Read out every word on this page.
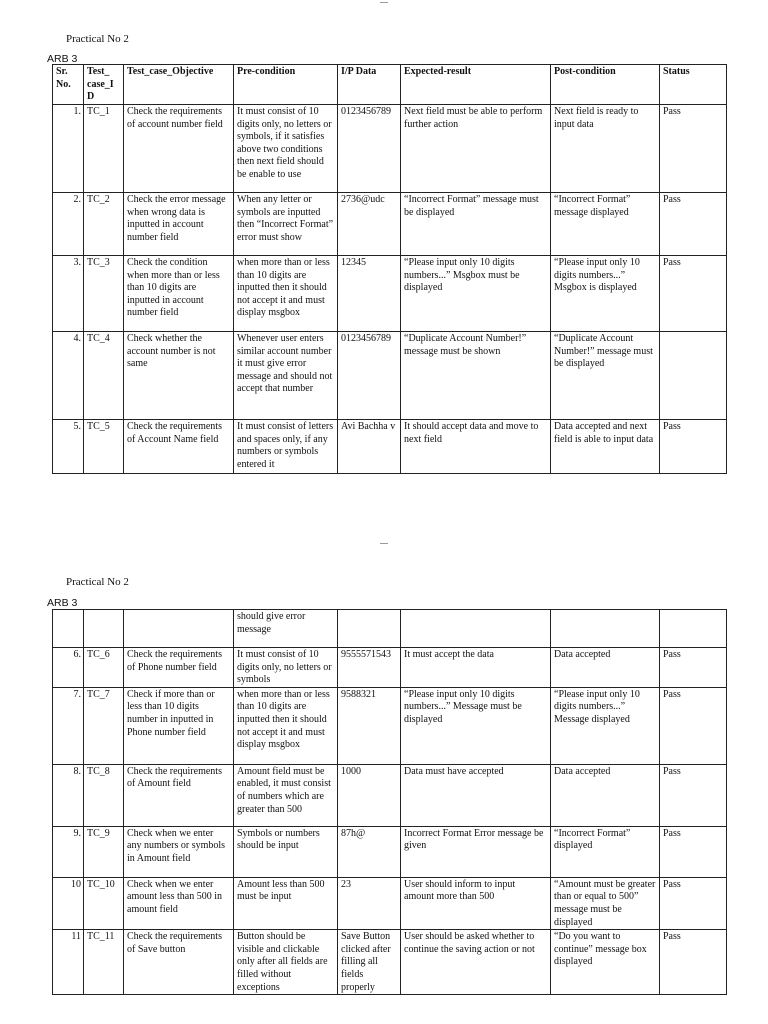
Practical No 2
ARB 3
Sr. No.	Test_ case_I D	Test_case_Objective	Pre-condition	I/P Data	Expected-result	Post-condition	Status
1.	TC_1	Check the requirements of account number field	It must consist of 10 digits only, no letters or symbols, if it satisfies above two conditions then next field should be enable to use	0123456789	Next field must be able to perform further action	Next field is ready to input data	Pass
2.	TC_2	Check the error message when wrong data is inputted in account number field	When any letter or symbols are inputted then “Incorrect Format” error must show	2736@udc	“Incorrect Format” message must be displayed	“Incorrect Format” message displayed	Pass
3.	TC_3	Check the condition when more than or less than 10 digits are inputted in account number field	when more than or less than 10 digits are inputted then it should not accept it and must display msgbox	12345	“Please input only 10 digits numbers...” Msgbox must be displayed	“Please input only 10 digits numbers...” Msgbox is displayed	Pass
4.	TC_4	Check whether the account number is not same	Whenever user enters similar account number it must give error message and should not accept that number	0123456789	“Duplicate Account Number!” message must be shown	“Duplicate Account Number!” message must be displayed	
5.	TC_5	Check the requirements of Account Name field	It must consist of letters and spaces only, if any numbers or symbols entered it	Avi Bachha v	It should accept data and move to next field	Data accepted and next field is able to input data	Pass
Practical No 2
ARB 3
			should give error message				
6.	TC_6	Check the requirements of Phone number field	It must consist of 10 digits only, no letters or symbols	9555571543	It must accept the data	Data accepted	Pass
7.	TC_7	Check if more than or less than 10 digits number in inputted in Phone number field	when more than or less than 10 digits are inputted then it should not accept it and must display msgbox	9588321	“Please input only 10 digits numbers...” Message must be displayed	“Please input only 10 digits numbers...” Message displayed	Pass
8.	TC_8	Check the requirements of Amount field	Amount field must be enabled, it must consist of numbers which are greater than 500	1000	Data must have accepted	Data accepted	Pass
9.	TC_9	Check when we enter any numbers or symbols in Amount field	Symbols or numbers should be input	87h@	Incorrect Format Error message be given	“Incorrect Format” displayed	Pass
10	TC_10	Check when we enter amount less than 500 in amount field	Amount less than 500 must be input	23	User should inform to input amount more than 500	“Amount must be greater than or equal to 500” message must be displayed	Pass
11	TC_11	Check the requirements of Save button	Button should be visible and clickable only after all fields are filled without exceptions	Save Button clicked after filling all fields properly	User should be asked whether to continue the saving action or not	“Do you want to continue” message box displayed	Pass
